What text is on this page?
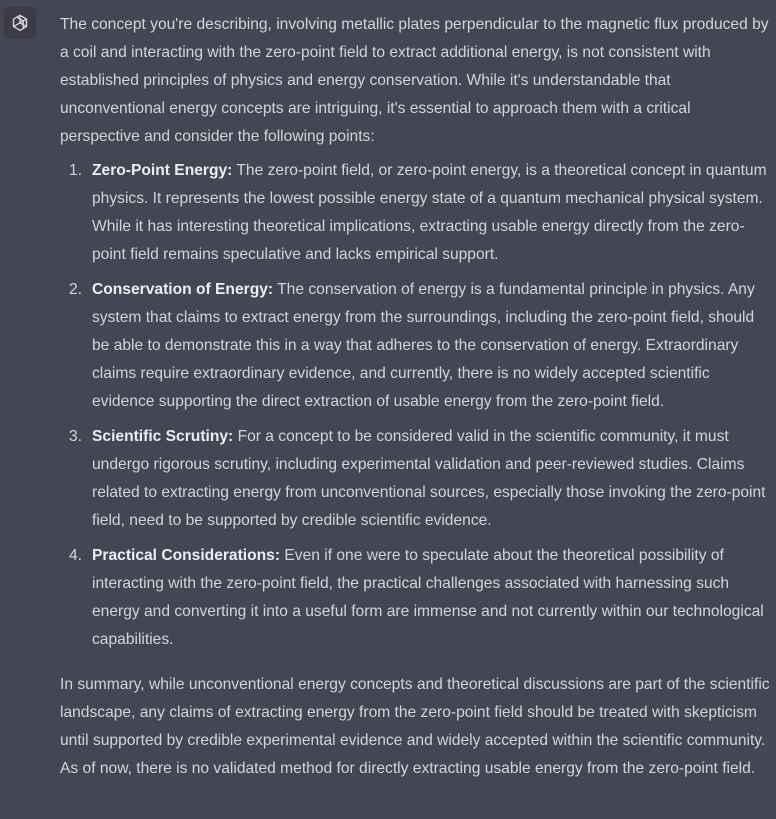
The concept you're describing, involving metallic plates perpendicular to the magnetic flux produced by a coil and interacting with the zero-point field to extract additional energy, is not consistent with established principles of physics and energy conservation. While it's understandable that unconventional energy concepts are intriguing, it's essential to approach them with a critical perspective and consider the following points:

1. Zero-Point Energy: The zero-point field, or zero-point energy, is a theoretical concept in quantum physics. It represents the lowest possible energy state of a quantum mechanical physical system. While it has interesting theoretical implications, extracting usable energy directly from the zero-point field remains speculative and lacks empirical support.
2. Conservation of Energy: The conservation of energy is a fundamental principle in physics. Any system that claims to extract energy from the surroundings, including the zero-point field, should be able to demonstrate this in a way that adheres to the conservation of energy. Extraordinary claims require extraordinary evidence, and currently, there is no widely accepted scientific evidence supporting the direct extraction of usable energy from the zero-point field.
3. Scientific Scrutiny: For a concept to be considered valid in the scientific community, it must undergo rigorous scrutiny, including experimental validation and peer-reviewed studies. Claims related to extracting energy from unconventional sources, especially those invoking the zero-point field, need to be supported by credible scientific evidence.
4. Practical Considerations: Even if one were to speculate about the theoretical possibility of interacting with the zero-point field, the practical challenges associated with harnessing such energy and converting it into a useful form are immense and not currently within our technological capabilities.

In summary, while unconventional energy concepts and theoretical discussions are part of the scientific landscape, any claims of extracting energy from the zero-point field should be treated with skepticism until supported by credible experimental evidence and widely accepted within the scientific community. As of now, there is no validated method for directly extracting usable energy from the zero-point field.
